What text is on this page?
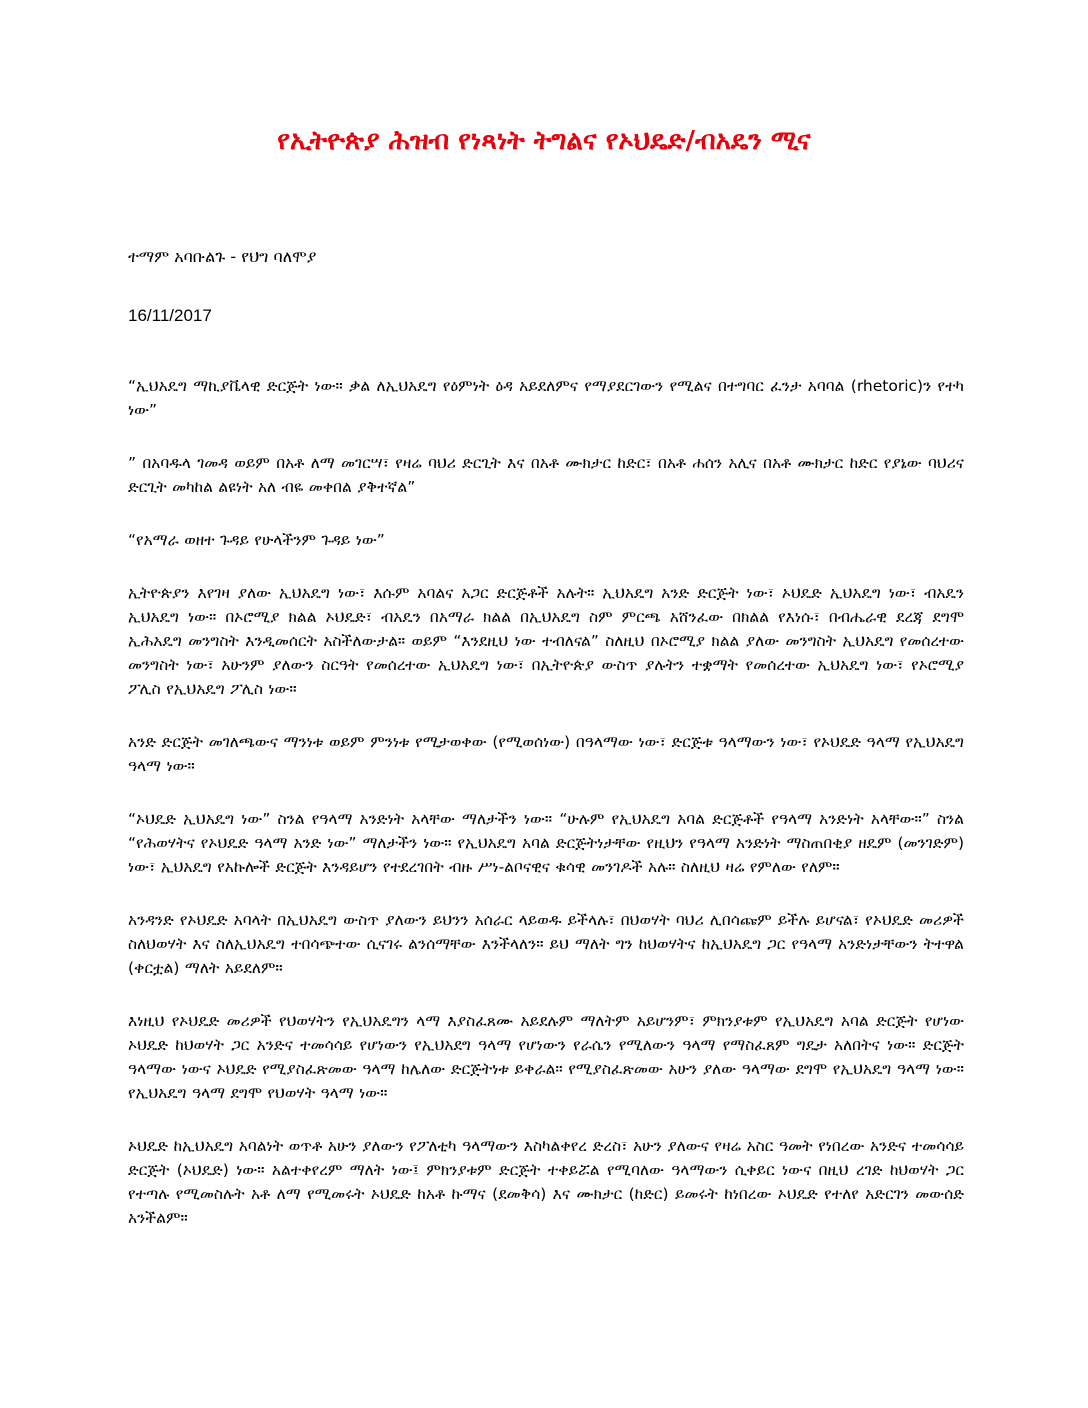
የኢትዮጵያ ሕዝብ የነጻነት ትግልና የኦህዴድ/ብአዴን ሚና
ተማም አባቡልጉ - የህግ ባለሞያ
16/11/2017

“ኢህአዴግ ማኪያቬላዊ ድርጅት ነው። ቃል ለኢህአዴግ የዕምነት ዕዳ አይደለምና የማያደርገውን የሚልና በተግባር ፈንታ አባባል (rhetoric)ን የተካ ነው”

” በአባዱላ ገመዳ ወይም በአቶ ለማ መገርሣ፣ የዛሬ ባህሪ ድርጊት እና በአቶ ሙክታር ከድር፣ በአቶ ሐሰን አሊና በአቶ ሙክታር ከድር የያኔው ባህሪና ድርጊት መካከል ልዩነት አለ ብዬ መቀበል ያቅተኛል”

“የአማራ ወዘተ ጉዳይ የሁላችንም ጉዳይ ነው”

ኢትዮጵያን እየገዛ ያለው ኢህአዴግ ነው፣ እሱም አባልና አጋር ድርጅቶች አሉት። ኢህአዴግ አንድ ድርጅት ነው፣ ኦህዴድ ኢህአዴግ ነው፣ ብአዴን ኢህአዴግ ነው። በኦሮሚያ ክልል ኦህዴድ፣ ብአዴን በአማራ ክልል በኢህአዴግ ስም ምርጫ አሸንፈው በክልል የእነሱ፣ በብሔራዊ ደረጃ ደግሞ ኢሕአዴግ መንግስት እንዲመሰርት አስችለውታል። ወይም “እንደዚህ ነው ተብለናል” ስለዚህ በኦሮሚያ ክልል ያለው መንግስት ኢህአዴግ የመሰረተው መንግስት ነው፣ አሁንም ያለውን ስርዓት የመሰረተው ኢህአዴግ ነው፣ በኢትዮጵያ ውስጥ ያሉትን ተቋማት የመሰረተው ኢህአዴግ ነው፣ የኦሮሚያ ፖሊስ የኢህአዴግ ፖሊስ ነው።

አንድ ድርጅት መገለጫውና ማንነቱ ወይም ምንነቱ የሚታወቀው (የሚወሰነው) በዓላማው ነው፣ ድርጅቱ ዓላማውን ነው፣ የኦህዴድ ዓላማ የኢህአዴግ ዓላማ ነው።

“ኦህዴድ ኢህአዴግ ነው” ስንል የዓላማ አንድነት አላቸው ማለታችን ነው። “ሁሉም የኢህአዴግ አባል ድርጅቶች የዓላማ አንድነት አላቸው።” ስንል “የሕወሃትና የኦህዴድ ዓላማ አንድ ነው” ማለታችን ነው። የኢህአዴግ አባል ድርጅትነታቸው የዚህን የዓላማ አንድነት ማስጠበቂያ ዘዴም (መንገድም) ነው፣ ኢህአዴግ የአኩሎች ድርጅት እንዳይሆን የተደረገበት ብዙ ሥነ-ልቦናዊና ቁሳዊ መንገዶች አሉ። ስለዚህ ዛሬ የምለው የለም።

አንዳንድ የኦህዴድ አባላት በኢህአዴግ ውስጥ ያለውን ይህንን አሰራር ላይወዱ ይችላሉ፣ በህወሃት ባህሪ ሊበሳጩም ይችሉ ይሆናል፣ የኦህዴድ መሪዎች ስለህወሃት እና ስለኢህአዴግ ተበሳጭተው ሲናገሩ ልንሰማቸው እንችላለን። ይህ ማለት ግን ከህወሃትና ከኢህአዴግ ጋር የዓላማ አንድነታቸውን ትተዋል (ቀርቷል) ማለት አይደለም።

እነዚህ የኦህዴድ መሪዎች የህወሃትን የኢህአዴግን ላማ እያስፈጸሙ አይደሉም ማለትም አይሆንም፣ ምክንያቱም የኢህአዴግ አባል ድርጅት የሆነው ኦህዴድ ከህወሃት ጋር አንድና ተመሳሳይ የሆነውን የኢህአደግ ዓላማ የሆነውን የራሴን የሚለውን ዓላማ የማስፈጸም ግዴታ አለበትና ነው። ድርጅት ዓላማው ነውና ኦህዴድ የሚያስፈጽመው ዓላማ ከሌለው ድርጅትነቱ ይቀራል። የሚያስፈጽመው አሁን ያለው ዓላማው ደግሞ የኢህአዴግ ዓላማ ነው። የኢህአዴግ ዓላማ ደግሞ የህወሃት ዓላማ ነው።

ኦህዴድ ከኢህአዴግ አባልነት ወጥቶ አሁን ያለውን የፖለቲካ ዓላማውን እስካልቀየረ ድረስ፣ አሁን ያለውና የዛሬ አስር ዓመት የነበረው አንድና ተመሳሳይ ድርጅት (ኦህዴድ) ነው። አልተቀየረም ማለት ነው፤ ምክንያቱም ድርጅት ተቀይሯል የሚባለው ዓላማውን ሲቀይር ነውና በዚህ ረገድ ከህወሃት ጋር የተጣሉ የሚመስሉት አቶ ለማ የሚመሩት ኦህዴድ ከአቶ ኩማና (ደመቅሳ) እና ሙክታር (ከድር) ይመሩት ከነበረው ኦህዴድ የተለየ አድርገን መውሰድ አንችልም።
